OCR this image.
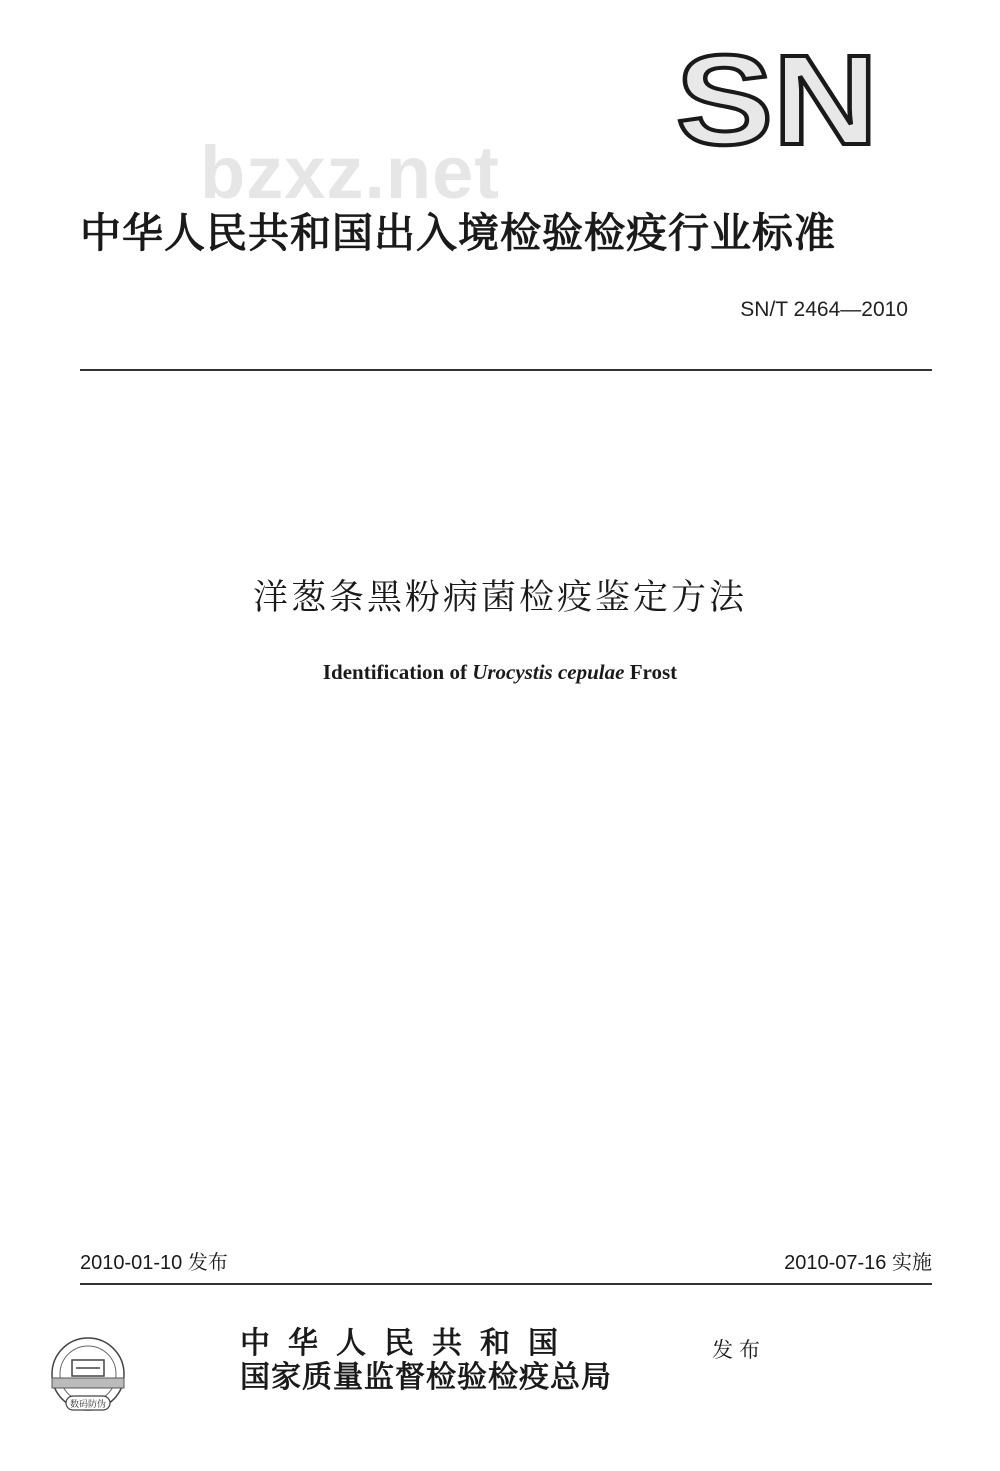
SN
bzxz.net
中华人民共和国出入境检验检疫行业标准
SN/T 2464—2010
洋葱条黑粉病菌检疫鉴定方法
Identification of Urocystis cepulae Frost
2010-01-10 发布	2010-07-16 实施
数码防伪
中华人民共和国
国家质量监督检验检疫总局
发布
